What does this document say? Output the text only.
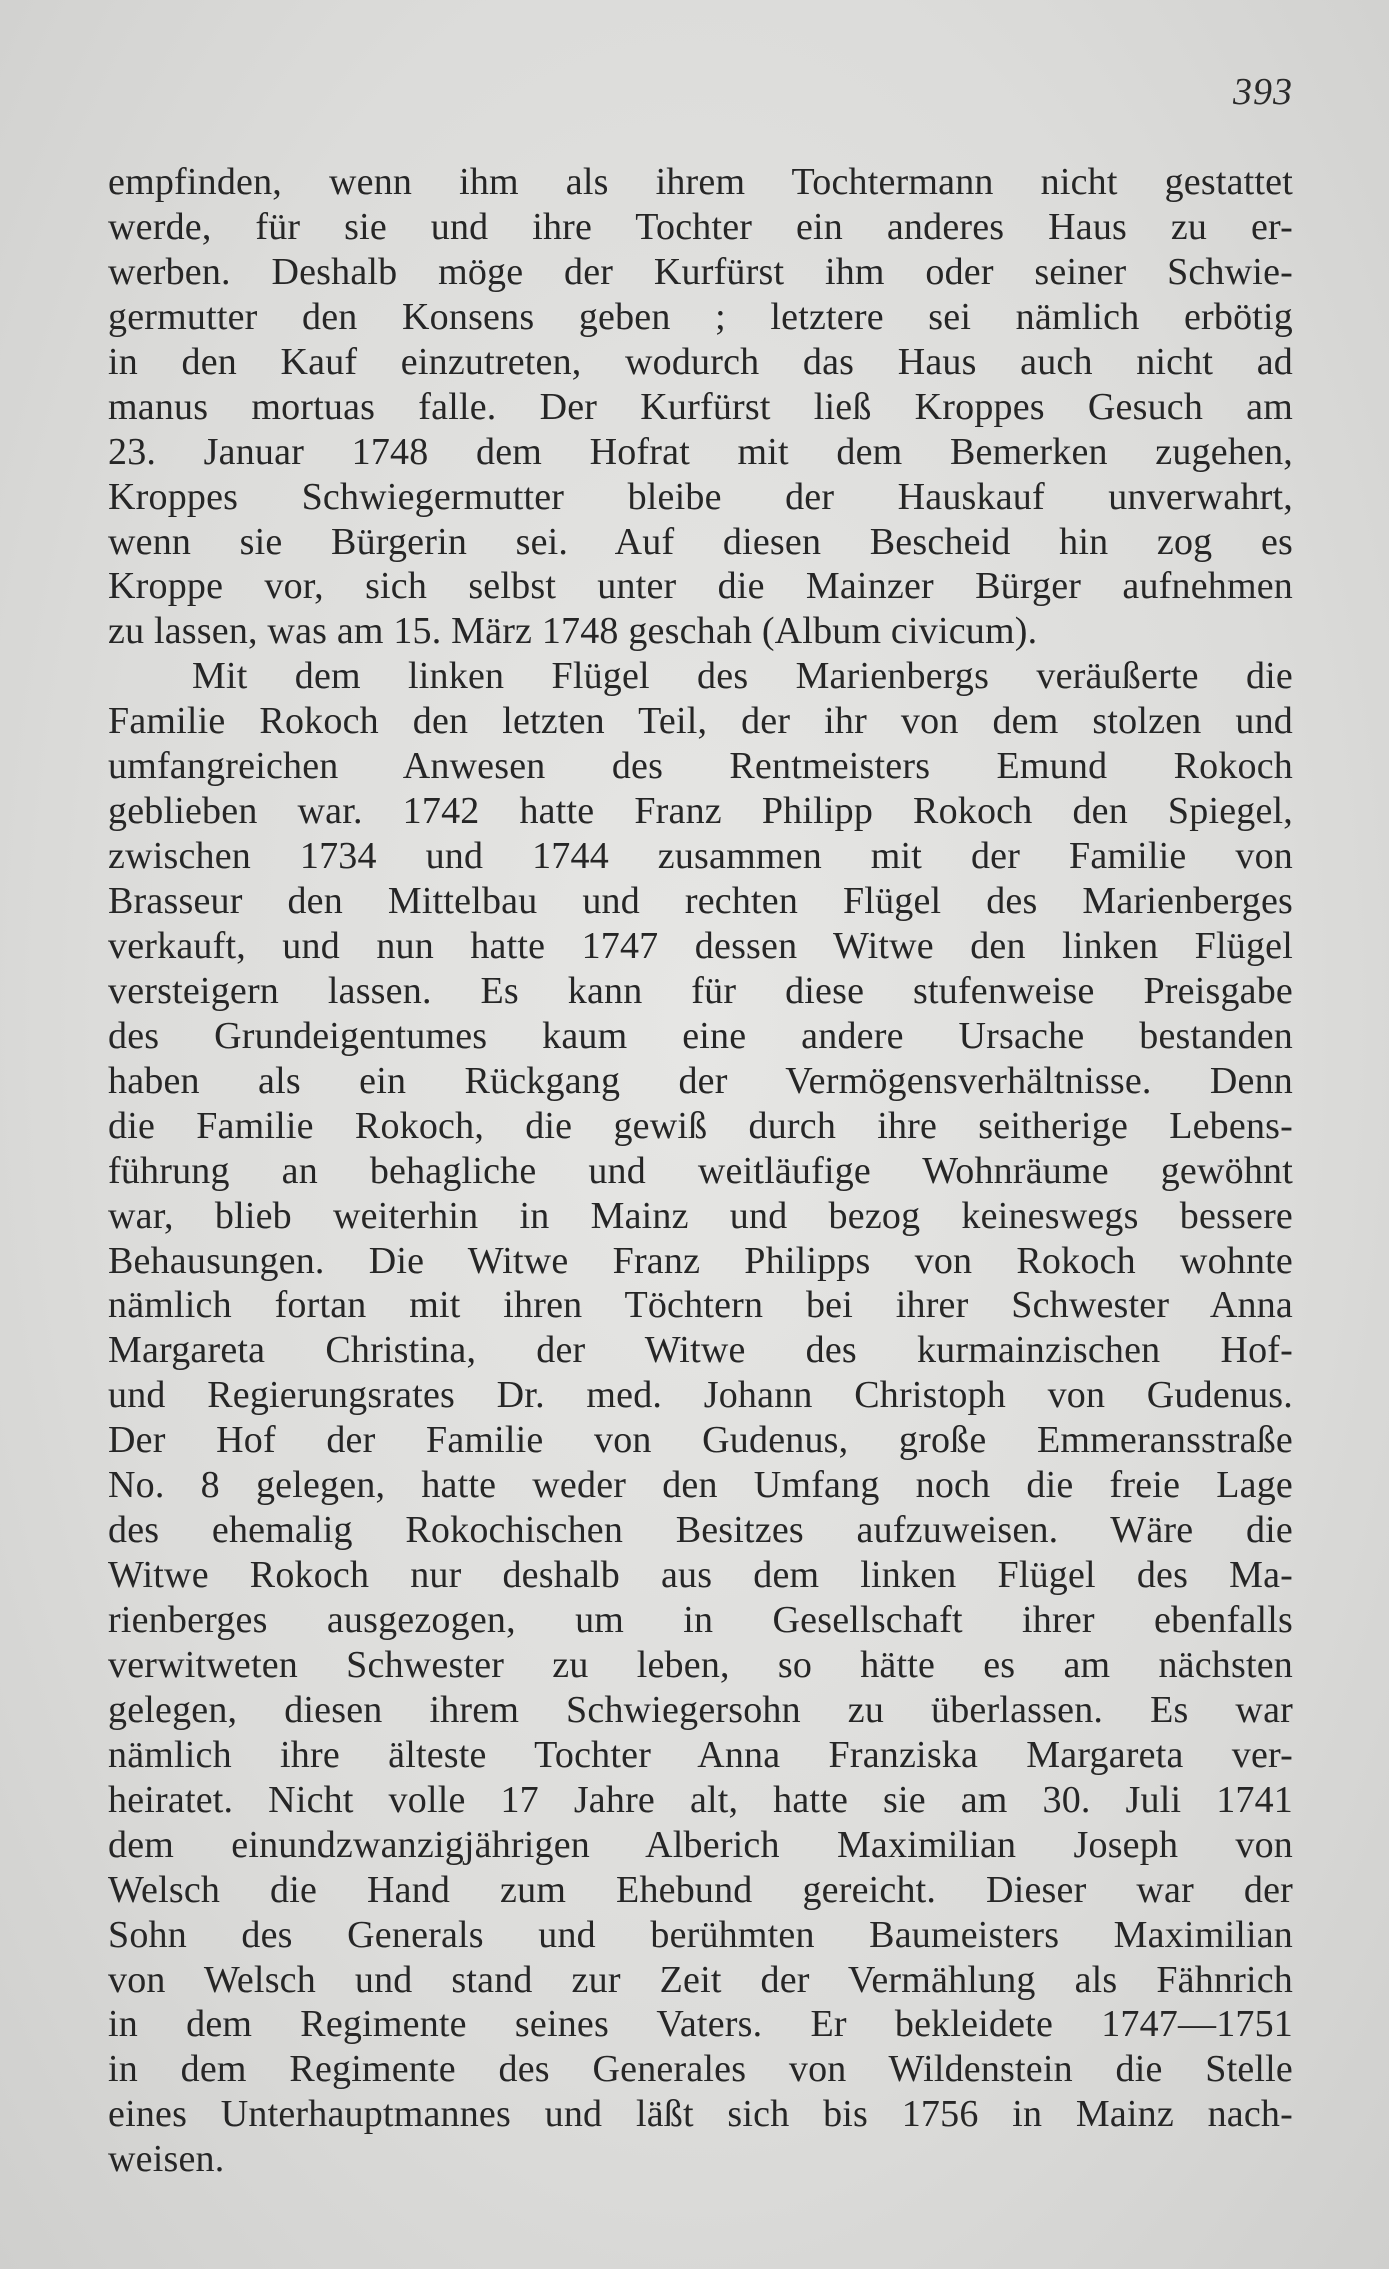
393
empfinden, wenn ihm als ihrem Tochtermann nicht gestattet
werde, für sie und ihre Tochter ein anderes Haus zu er-
werben. Deshalb möge der Kurfürst ihm oder seiner Schwie-
germutter den Konsens geben ; letztere sei nämlich erbötig
in den Kauf einzutreten, wodurch das Haus auch nicht ad
manus mortuas falle. Der Kurfürst ließ Kroppes Gesuch am
23. Januar 1748 dem Hofrat mit dem Bemerken zugehen,
Kroppes Schwiegermutter bleibe der Hauskauf unverwahrt,
wenn sie Bürgerin sei. Auf diesen Bescheid hin zog es
Kroppe vor, sich selbst unter die Mainzer Bürger aufnehmen
zu lassen, was am 15. März 1748 geschah (Album civicum).
Mit dem linken Flügel des Marienbergs veräußerte die
Familie Rokoch den letzten Teil, der ihr von dem stolzen und
umfangreichen Anwesen des Rentmeisters Emund Rokoch
geblieben war. 1742 hatte Franz Philipp Rokoch den Spiegel,
zwischen 1734 und 1744 zusammen mit der Familie von
Brasseur den Mittelbau und rechten Flügel des Marienberges
verkauft, und nun hatte 1747 dessen Witwe den linken Flügel
versteigern lassen. Es kann für diese stufenweise Preisgabe
des Grundeigentumes kaum eine andere Ursache bestanden
haben als ein Rückgang der Vermögensverhältnisse. Denn
die Familie Rokoch, die gewiß durch ihre seitherige Lebens-
führung an behagliche und weitläufige Wohnräume gewöhnt
war, blieb weiterhin in Mainz und bezog keineswegs bessere
Behausungen. Die Witwe Franz Philipps von Rokoch wohnte
nämlich fortan mit ihren Töchtern bei ihrer Schwester Anna
Margareta Christina, der Witwe des kurmainzischen Hof-
und Regierungsrates Dr. med. Johann Christoph von Gudenus.
Der Hof der Familie von Gudenus, große Emmeransstraße
No. 8 gelegen, hatte weder den Umfang noch die freie Lage
des ehemalig Rokochischen Besitzes aufzuweisen. Wäre die
Witwe Rokoch nur deshalb aus dem linken Flügel des Ma-
rienberges ausgezogen, um in Gesellschaft ihrer ebenfalls
verwitweten Schwester zu leben, so hätte es am nächsten
gelegen, diesen ihrem Schwiegersohn zu überlassen. Es war
nämlich ihre älteste Tochter Anna Franziska Margareta ver-
heiratet. Nicht volle 17 Jahre alt, hatte sie am 30. Juli 1741
dem einundzwanzigjährigen Alberich Maximilian Joseph von
Welsch die Hand zum Ehebund gereicht. Dieser war der
Sohn des Generals und berühmten Baumeisters Maximilian
von Welsch und stand zur Zeit der Vermählung als Fähnrich
in dem Regimente seines Vaters. Er bekleidete 1747—1751
in dem Regimente des Generales von Wildenstein die Stelle
eines Unterhauptmannes und läßt sich bis 1756 in Mainz nach-
weisen.
